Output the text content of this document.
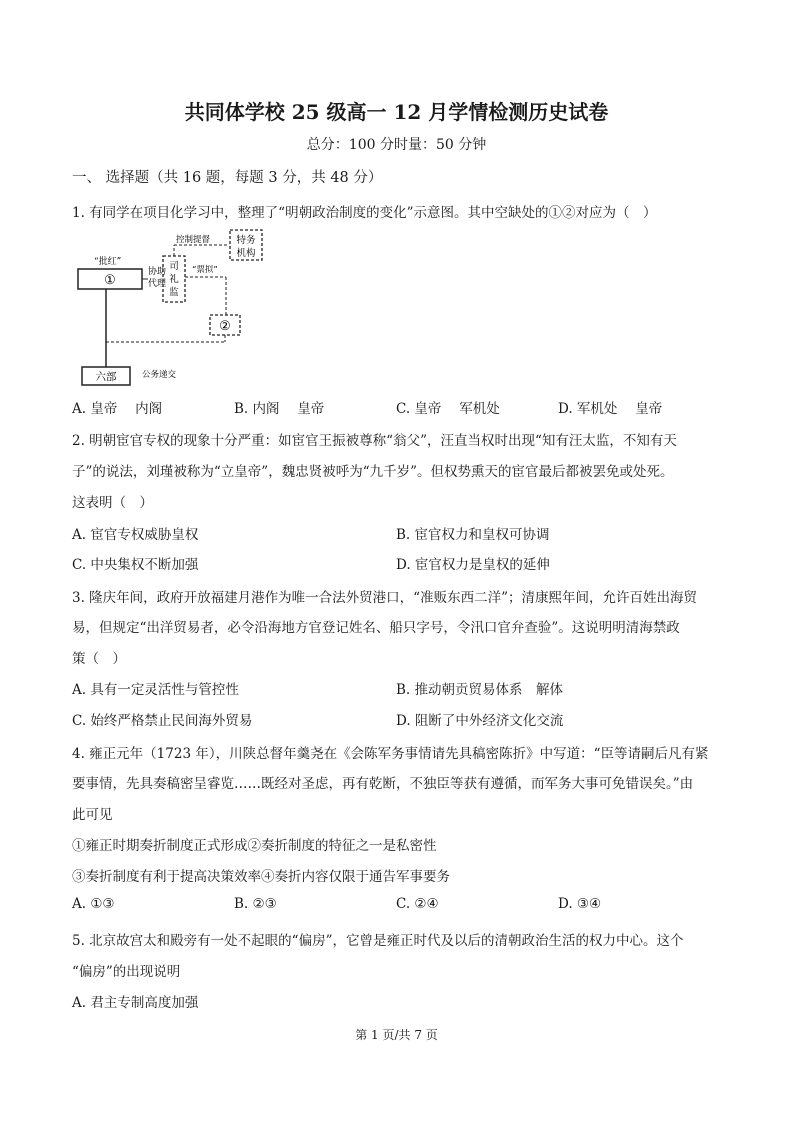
共同体学校 25 级高一 12 月学情检测历史试卷
总分：100 分时量：50 分钟
一、 选择题（共 16 题，每题 3 分，共 48 分）
1. 有同学在项目化学习中，整理了“明朝政治制度的变化”示意图。其中空缺处的①②对应为（　）
“批红”
①
协助
代理
司
礼
监
控制提督	特务
机构
“票拟”
②
六部	公务递交
A. 皇帝　 内阁	B. 内阁　 皇帝	C. 皇帝　 军机处	D. 军机处　 皇帝
2. 明朝宦官专权的现象十分严重：如宦官王振被尊称“翁父”，汪直当权时出现“知有汪太监，不知有天
子”的说法，刘瑾被称为“立皇帝”，魏忠贤被呼为“九千岁”。但权势熏天的宦官最后都被罢免或处死。
这表明（　）
A. 宦官专权威胁皇权	B. 宦官权力和皇权可协调
C. 中央集权不断加强	D. 宦官权力是皇权的延伸
3. 隆庆年间，政府开放福建月港作为唯一合法外贸港口，“准贩东西二洋”；清康熙年间，允许百姓出海贸
易，但规定“出洋贸易者，必令沿海地方官登记姓名、船只字号，令汛口官弁查验”。这说明明清海禁政
策（　）
A. 具有一定灵活性与管控性	B. 推动朝贡贸易体系　解体
C. 始终严格禁止民间海外贸易	D. 阻断了中外经济文化交流
4. 雍正元年（1723 年），川陕总督年羹尧在《会陈军务事情请先具稿密陈折》中写道：“臣等请嗣后凡有紧
要事情，先具奏稿密呈睿览……既经对圣虑，再有乾断，不独臣等获有遵循，而军务大事可免错误矣。”由
此可见
①雍正时期奏折制度正式形成②奏折制度的特征之一是私密性
③奏折制度有利于提高决策效率④奏折内容仅限于通告军事要务
A. ①③	B. ②③	C. ②④	D. ③④
5. 北京故宫太和殿旁有一处不起眼的“偏房”，它曾是雍正时代及以后的清朝政治生活的权力中心。这个
“偏房”的出现说明
A. 君主专制高度加强
第 1 页/共 7 页
